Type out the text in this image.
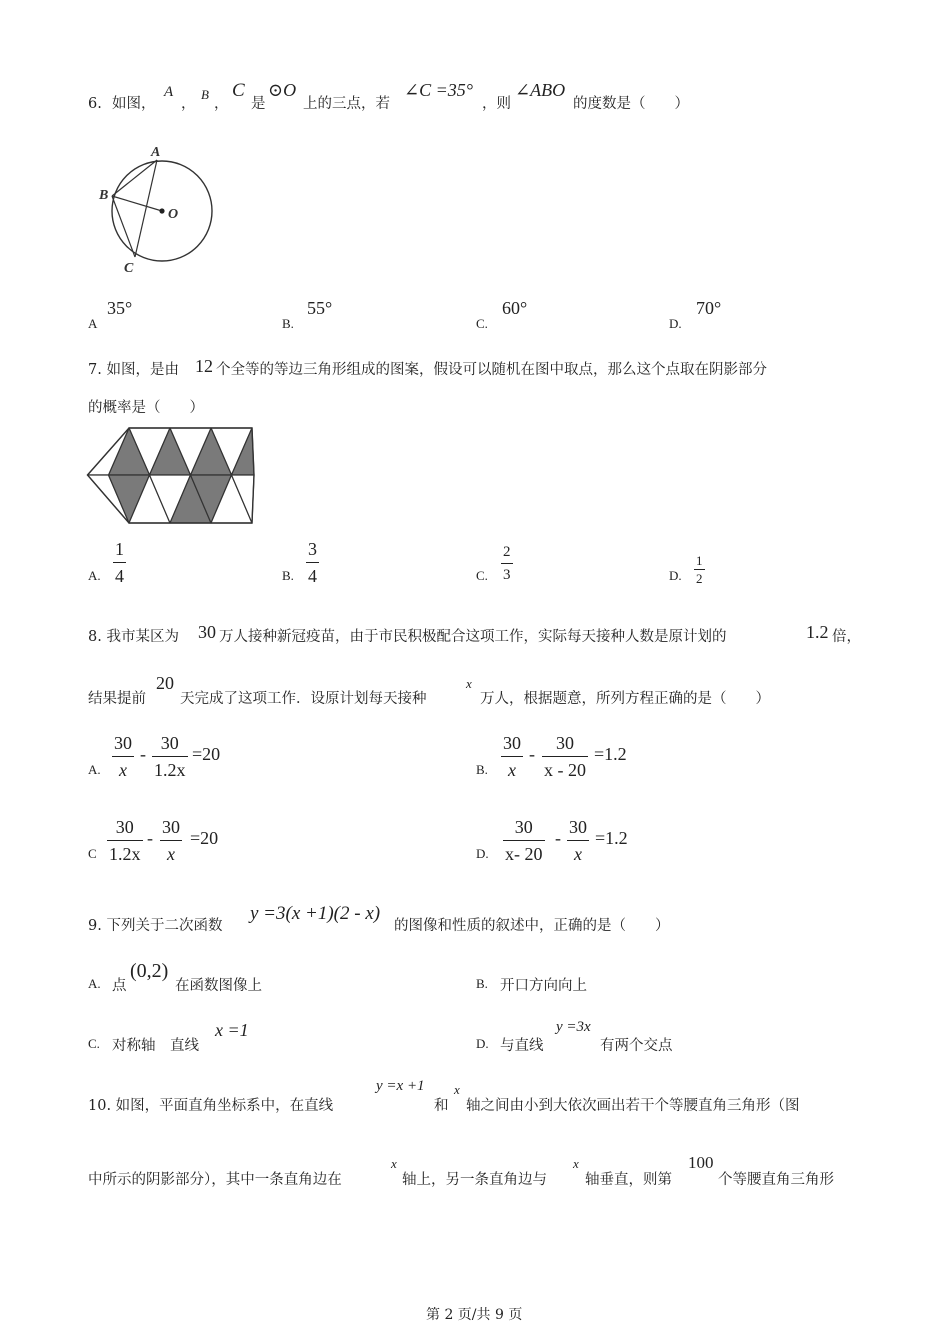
6. 如图，
A
，
B
，
C
是
⊙O
上的三点，若
∠C =35°
，则
∠ABO
的度数是（　　）
A
B
C
O
A
35°
B.
55°
C.
60°
D.
70°
7. 如图，是由 12 个全等的等边三角形组成的图案，假设可以随机在图中取点，那么这个点取在阴影部分
的概率是（　　）
A.
1
4	B.
3
4	C.
2
3	D.
1
2
8. 我市某区为 30 万人接种新冠疫苗，由于市民积极配合这项工作，实际每天接种人数是原计划的	1.2 倍，
结果提前
20
天完成了这项工作．设原计划每天接种
x
万人，根据题意，所列方程正确的是（　　）
A.
30
x
-
30
1.2x
=20
B.
30
x
-
30
x - 20
=1.2
C
30
1.2x
-
30
x
=20
D.
30
x- 20
-
30
x
=1.2
9. 下列关于二次函数
y =3(x +1)(2 - x)
的图像和性质的叙述中，正确的是（　　）
A. 点
(0,2)
在函数图像上	B. 开口方向向上
C. 对称轴　直线
x =1
D. 与直线
y =3x
有两个交点
10. 如图，平面直角坐标系中，在直线
y =x +1
和
x
轴之间由小到大依次画出若干个等腰直角三角形（图
中所示的阴影部分），其中一条直角边在
x
轴上，另一条直角边与
x
轴垂直，则第
100
个等腰直角三角形
第 2 页/共 9 页
